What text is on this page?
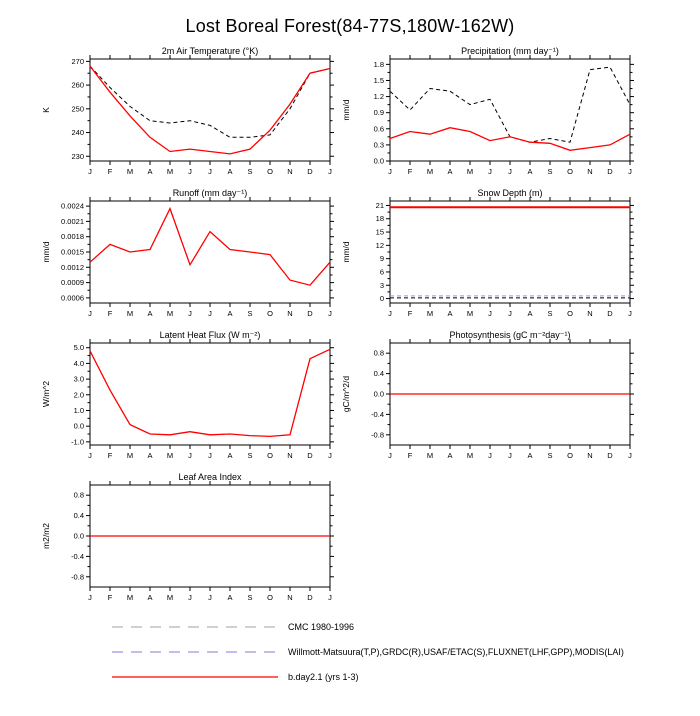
Lost Boreal Forest(84-77S,180W-162W)
2m Air Temperature (°K)
K
230
240
250
260
270
J F M A M J J A S O N D J
Precipitation (mm day⁻¹)
mm/d
0.0
0.3
0.6
0.9
1.2
1.5
1.8
J F M A M J J A S O N D J
Runoff (mm day⁻¹)
mm/d
0.0006
0.0009
0.0012
0.0015
0.0018
0.0021
0.0024
J F M A M J J A S O N D J
Snow Depth (m)
mm/d
0
3
6
9
12
15
18
21
J F M A M J J A S O N D J
Latent Heat Flux (W m⁻²)
W/m^2
-1.0
0.0
1.0
2.0
3.0
4.0
5.0
J F M A M J J A S O N D J
Photosynthesis (gC m⁻²day⁻¹)
gC/m^2/d
-0.8
-0.4
0.0
0.4
0.8
J F M A M J J A S O N D J
Leaf Area Index
m2/m2
-0.8
-0.4
0.0
0.4
0.8
J F M A M J J A S O N D J
CMC 1980-1996
Willmott-Matsuura(T,P),GRDC(R),USAF/ETAC(S),FLUXNET(LHF,GPP),MODIS(LAI)
b.day2.1 (yrs 1-3)
